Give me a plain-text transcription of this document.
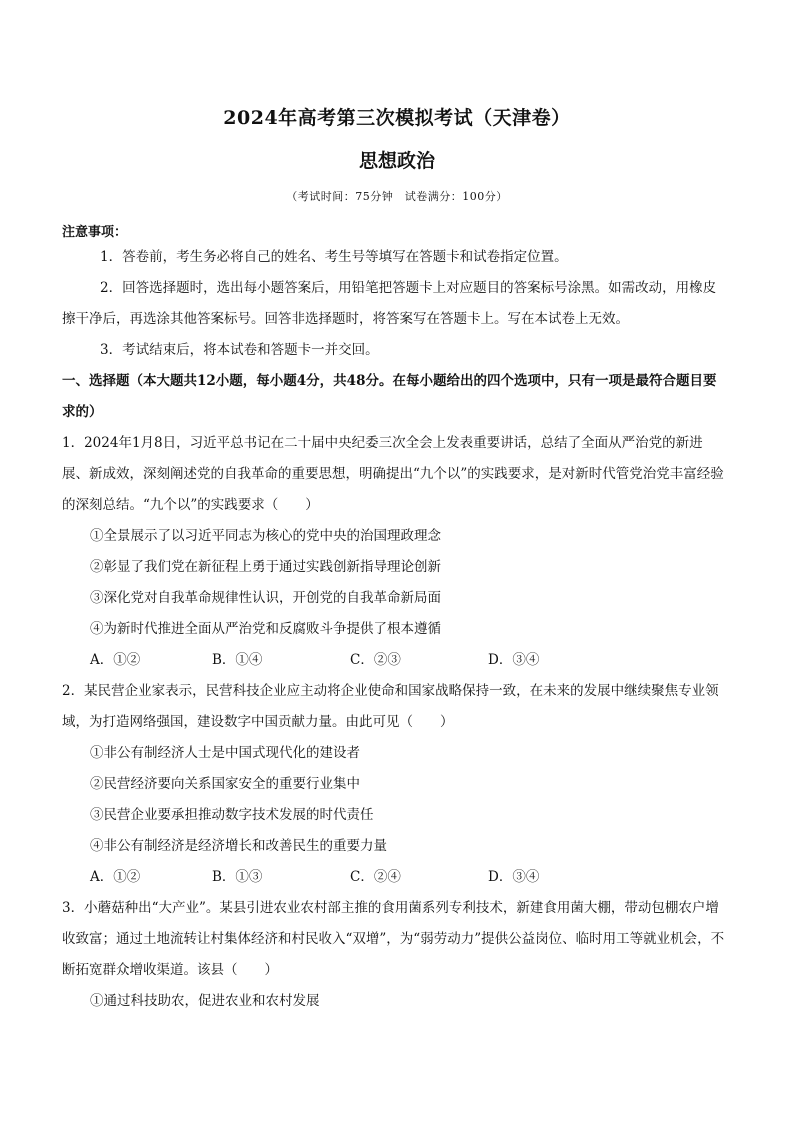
2024年高考第三次模拟考试（天津卷）
思想政治
（考试时间：75分钟　试卷满分：100分）
注意事项：
1．答卷前，考生务必将自己的姓名、考生号等填写在答题卡和试卷指定位置。
2．回答选择题时，选出每小题答案后，用铅笔把答题卡上对应题目的答案标号涂黑。如需改动，用橡皮擦干净后，再选涂其他答案标号。回答非选择题时，将答案写在答题卡上。写在本试卷上无效。
3．考试结束后，将本试卷和答题卡一并交回。
一、选择题（本大题共12小题，每小题4分，共48分。在每小题给出的四个选项中，只有一项是最符合题目要求的）
1．2024年1月8日，习近平总书记在二十届中央纪委三次全会上发表重要讲话，总结了全面从严治党的新进展、新成效，深刻阐述党的自我革命的重要思想，明确提出“九个以”的实践要求，是对新时代管党治党丰富经验的深刻总结。“九个以”的实践要求（　　）
①全景展示了以习近平同志为核心的党中央的治国理政理念
②彰显了我们党在新征程上勇于通过实践创新指导理论创新
③深化党对自我革命规律性认识，开创党的自我革命新局面
④为新时代推进全面从严治党和反腐败斗争提供了根本遵循
A．①②	B．①④	C．②③	D．③④
2．某民营企业家表示，民营科技企业应主动将企业使命和国家战略保持一致，在未来的发展中继续聚焦专业领域，为打造网络强国，建设数字中国贡献力量。由此可见（　　）
①非公有制经济人士是中国式现代化的建设者
②民营经济要向关系国家安全的重要行业集中
③民营企业要承担推动数字技术发展的时代责任
④非公有制经济是经济增长和改善民生的重要力量
A．①②	B．①③	C．②④	D．③④
3．小蘑菇种出“大产业”。某县引进农业农村部主推的食用菌系列专利技术，新建食用菌大棚，带动包棚农户增收致富；通过土地流转让村集体经济和村民收入“双增”，为“弱劳动力”提供公益岗位、临时用工等就业机会，不断拓宽群众增收渠道。该县（　　）
①通过科技助农，促进农业和农村发展
